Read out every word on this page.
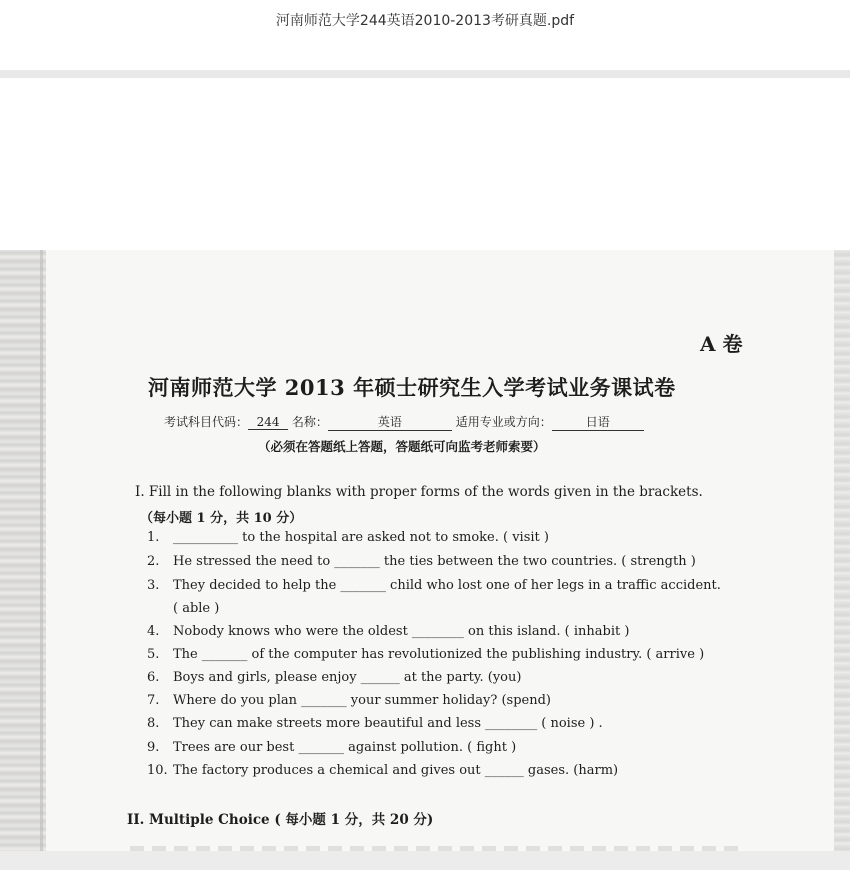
河南师范大学244英语2010-2013考研真题.pdf
A 卷
河南师范大学 2013 年硕士研究生入学考试业务课试卷
考试科目代码： 244 名称：	英语	适用专业或方向：	日语
（必须在答题纸上答题，答题纸可向监考老师索要）
I. Fill in the following blanks with proper forms of the words given in the brackets.
（每小题 1 分，共 10 分）
1. __________ to the hospital are asked not to smoke. ( visit )
2. He stressed the need to _______ the ties between the two countries. ( strength )
3. They decided to help the _______ child who lost one of her legs in a traffic accident.
( able )
4. Nobody knows who were the oldest ________ on this island. ( inhabit )
5. The _______ of the computer has revolutionized the publishing industry. ( arrive )
6. Boys and girls, please enjoy ______ at the party. (you)
7. Where do you plan _______ your summer holiday? (spend)
8. They can make streets more beautiful and less ________ ( noise ) .
9. Trees are our best _______ against pollution. ( fight )
10. The factory produces a chemical and gives out ______ gases. (harm)
II. Multiple Choice ( 每小题 1 分，共 20 分)
